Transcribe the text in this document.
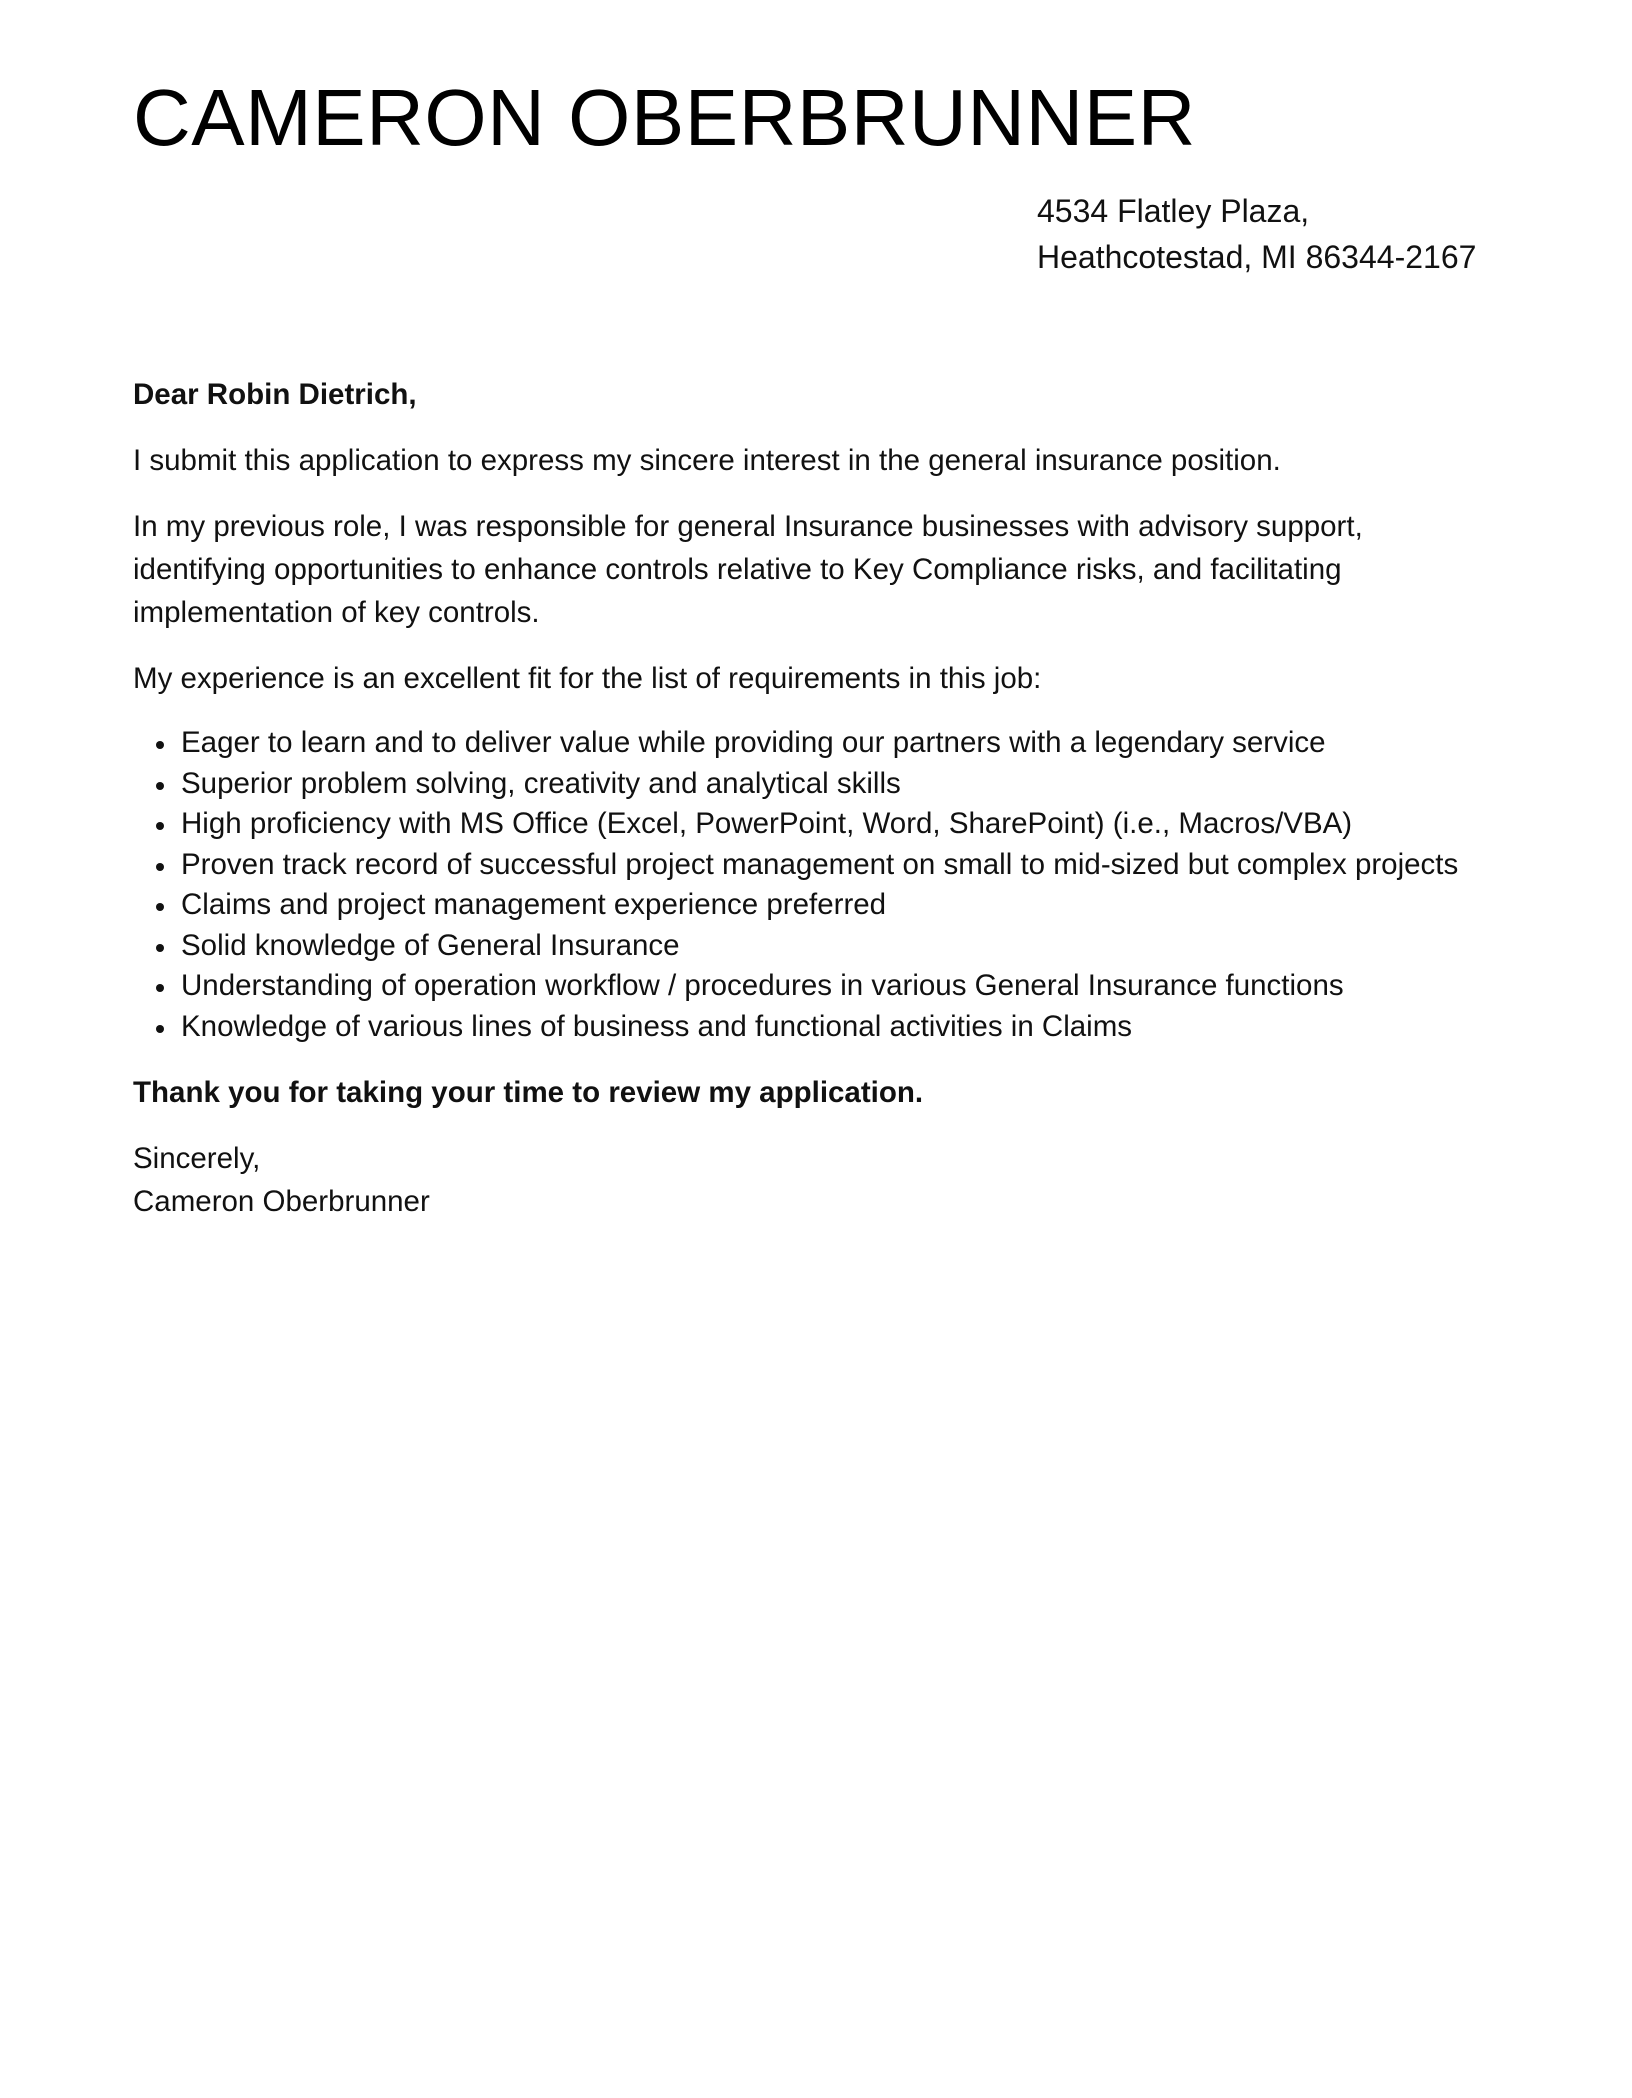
CAMERON OBERBRUNNER
4534 Flatley Plaza,
Heathcotestad, MI 86344-2167

Dear Robin Dietrich,

I submit this application to express my sincere interest in the general insurance position.

In my previous role, I was responsible for general Insurance businesses with advisory support, identifying opportunities to enhance controls relative to Key Compliance risks, and facilitating implementation of key controls.

My experience is an excellent fit for the list of requirements in this job:

Eager to learn and to deliver value while providing our partners with a legendary service
Superior problem solving, creativity and analytical skills
High proficiency with MS Office (Excel, PowerPoint, Word, SharePoint) (i.e., Macros/VBA)
Proven track record of successful project management on small to mid-sized but complex projects
Claims and project management experience preferred
Solid knowledge of General Insurance
Understanding of operation workflow / procedures in various General Insurance functions
Knowledge of various lines of business and functional activities in Claims

Thank you for taking your time to review my application.

Sincerely,
Cameron Oberbrunner
